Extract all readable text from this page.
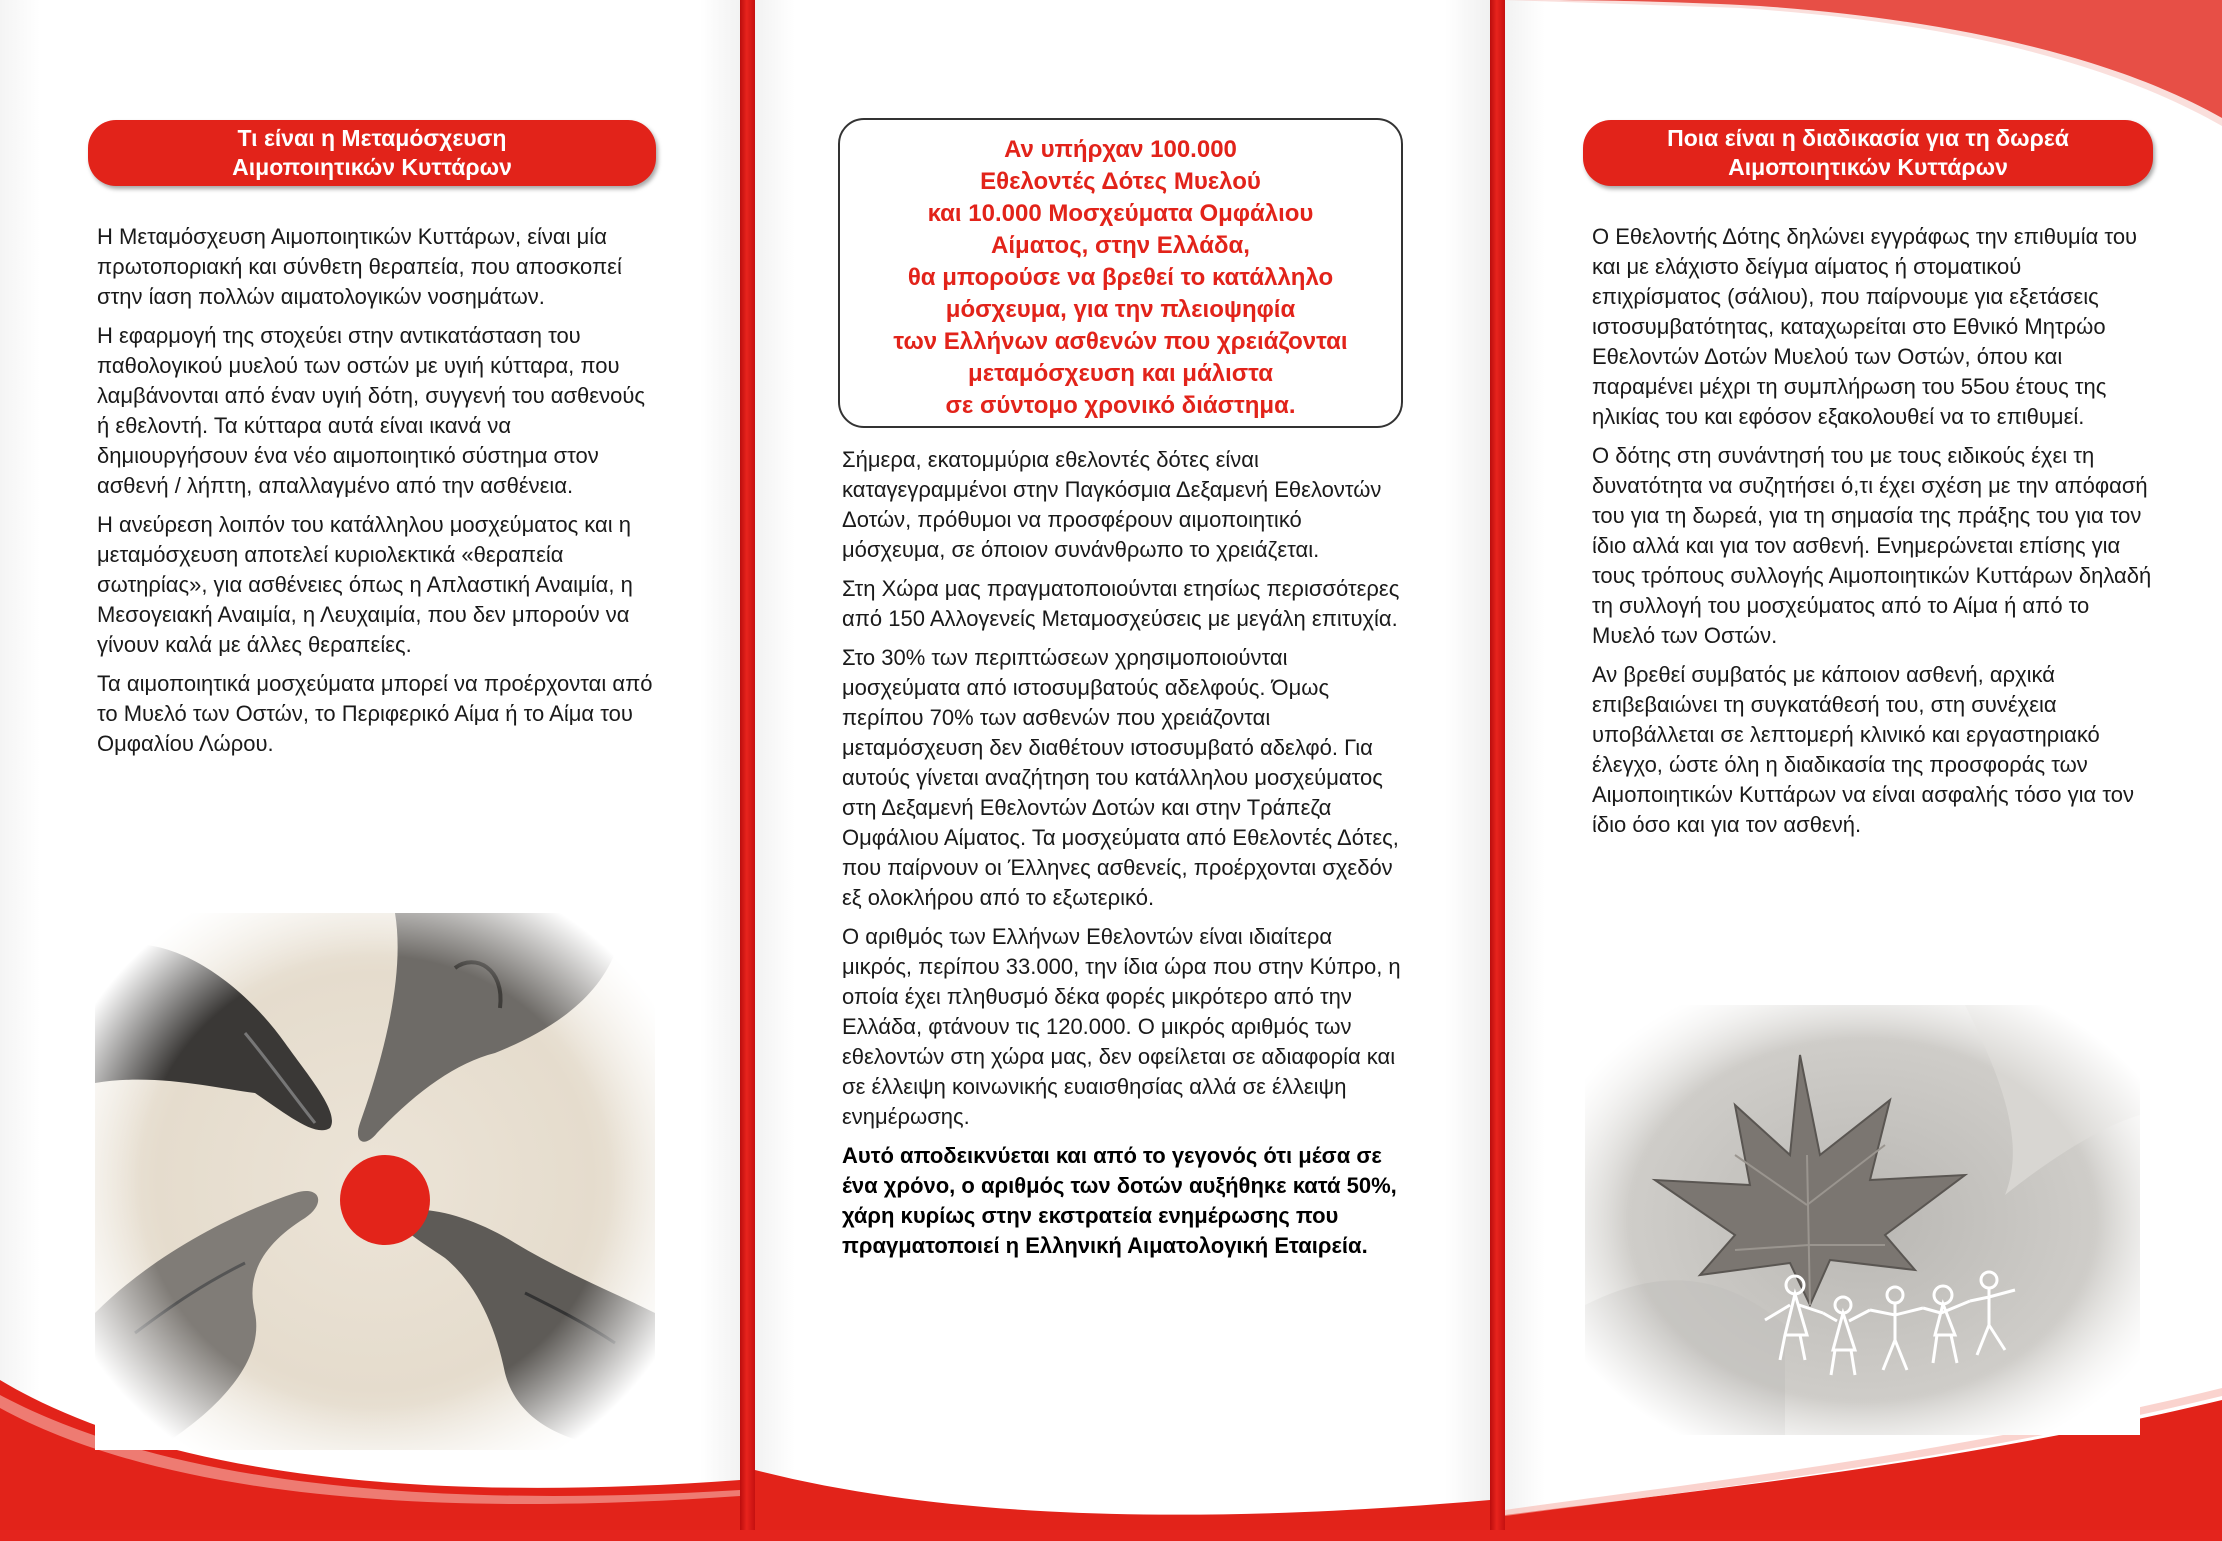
Τι είναι η Μεταμόσχευση
Αιμοποιητικών Κυττάρων

Η Μεταμόσχευση Αιμοποιητικών Κυττάρων, είναι μία πρωτοποριακή και σύνθετη θεραπεία, που αποσκοπεί στην ίαση πολλών αιματολογικών νοσημάτων.

Η εφαρμογή της στοχεύει στην αντικατάσταση του παθολογικού μυελού των οστών με υγιή κύτταρα, που λαμβάνονται από έναν υγιή δότη, συγγενή του ασθενούς ή εθελοντή. Τα κύτταρα αυτά είναι ικανά να δημιουργήσουν ένα νέο αιμοποιητικό σύστημα στον ασθενή / λήπτη, απαλλαγμένο από την ασθένεια.

Η ανεύρεση λοιπόν του κατάλληλου μοσχεύματος και η μεταμόσχευση αποτελεί κυριολεκτικά «θεραπεία σωτηρίας», για ασθένειες όπως η Απλαστική Αναιμία, η Μεσογειακή Αναιμία, η Λευχαιμία, που δεν μπορούν να γίνουν καλά με άλλες θεραπείες.

Τα αιμοποιητικά μοσχεύματα μπορεί να προέρχονται από το Μυελό των Οστών, το Περιφερικό Αίμα ή το Αίμα του Ομφαλίου Λώρου.

Αν υπήρχαν 100.000
Εθελοντές Δότες Μυελού
και 10.000 Μοσχεύματα Ομφάλιου
Αίματος, στην Ελλάδα,
θα μπορούσε να βρεθεί το κατάλληλο
μόσχευμα, για την πλειοψηφία
των Ελλήνων ασθενών που χρειάζονται
μεταμόσχευση και μάλιστα
σε σύντομο χρονικό διάστημα.

Σήμερα, εκατομμύρια εθελοντές δότες είναι καταγεγραμμένοι στην Παγκόσμια Δεξαμενή Εθελοντών Δοτών, πρόθυμοι να προσφέρουν αιμοποιητικό μόσχευμα, σε όποιον συνάνθρωπο το χρειάζεται.

Στη Χώρα μας πραγματοποιούνται ετησίως περισσότερες από 150 Αλλογενείς Μεταμοσχεύσεις με μεγάλη επιτυχία.

Στο 30% των περιπτώσεων χρησιμοποιούνται μοσχεύματα από ιστοσυμβατούς αδελφούς. Όμως περίπου 70% των ασθενών που χρειάζονται μεταμόσχευση δεν διαθέτουν ιστοσυμβατό αδελφό. Για αυτούς γίνεται αναζήτηση του κατάλληλου μοσχεύματος στη Δεξαμενή Εθελοντών Δοτών και στην Τράπεζα Ομφάλιου Αίματος. Τα μοσχεύματα από Εθελοντές Δότες, που παίρνουν οι Έλληνες ασθενείς, προέρχονται σχεδόν εξ ολοκλήρου από το εξωτερικό.

Ο αριθμός των Ελλήνων Εθελοντών είναι ιδιαίτερα μικρός, περίπου 33.000, την ίδια ώρα που στην Κύπρο, η οποία έχει πληθυσμό δέκα φορές μικρότερο από την Ελλάδα, φτάνουν τις 120.000. Ο μικρός αριθμός των εθελοντών στη χώρα μας, δεν οφείλεται σε αδιαφορία και σε έλλειψη κοινωνικής ευαισθησίας αλλά σε έλλειψη ενημέρωσης.

Αυτό αποδεικνύεται και από το γεγονός ότι μέσα σε ένα χρόνο, ο αριθμός των δοτών αυξήθηκε κατά 50%, χάρη κυρίως στην εκστρατεία ενημέρωσης που πραγματοποιεί η Ελληνική Αιματολογική Εταιρεία.

Ποια είναι η διαδικασία για τη δωρεά
Αιμοποιητικών Κυττάρων

Ο Εθελοντής Δότης δηλώνει εγγράφως την επιθυμία του και με ελάχιστο δείγμα αίματος ή στοματικού επιχρίσματος (σάλιου), που παίρνουμε για εξετάσεις ιστοσυμβατότητας, καταχωρείται στο Εθνικό Μητρώο Εθελοντών Δοτών Μυελού των Οστών, όπου και παραμένει μέχρι τη συμπλήρωση του 55ου έτους της ηλικίας του και εφόσον εξακολουθεί να το επιθυμεί.

Ο δότης στη συνάντησή του με τους ειδικούς έχει τη δυνατότητα να συζητήσει ό,τι έχει σχέση με την απόφασή του για τη δωρεά, για τη σημασία της πράξης του για τον ίδιο αλλά και για τον ασθενή. Ενημερώνεται επίσης για τους τρόπους συλλογής Αιμοποιητικών Κυττάρων δηλαδή τη συλλογή του μοσχεύματος από το Αίμα ή από το Μυελό των Οστών.

Αν βρεθεί συμβατός με κάποιον ασθενή, αρχικά επιβεβαιώνει τη συγκατάθεσή του, στη συνέχεια υποβάλλεται σε λεπτομερή κλινικό και εργαστηριακό έλεγχο, ώστε όλη η διαδικασία της προσφοράς των Αιμοποιητικών Κυττάρων να είναι ασφαλής τόσο για τον ίδιο όσο και για τον ασθενή.
